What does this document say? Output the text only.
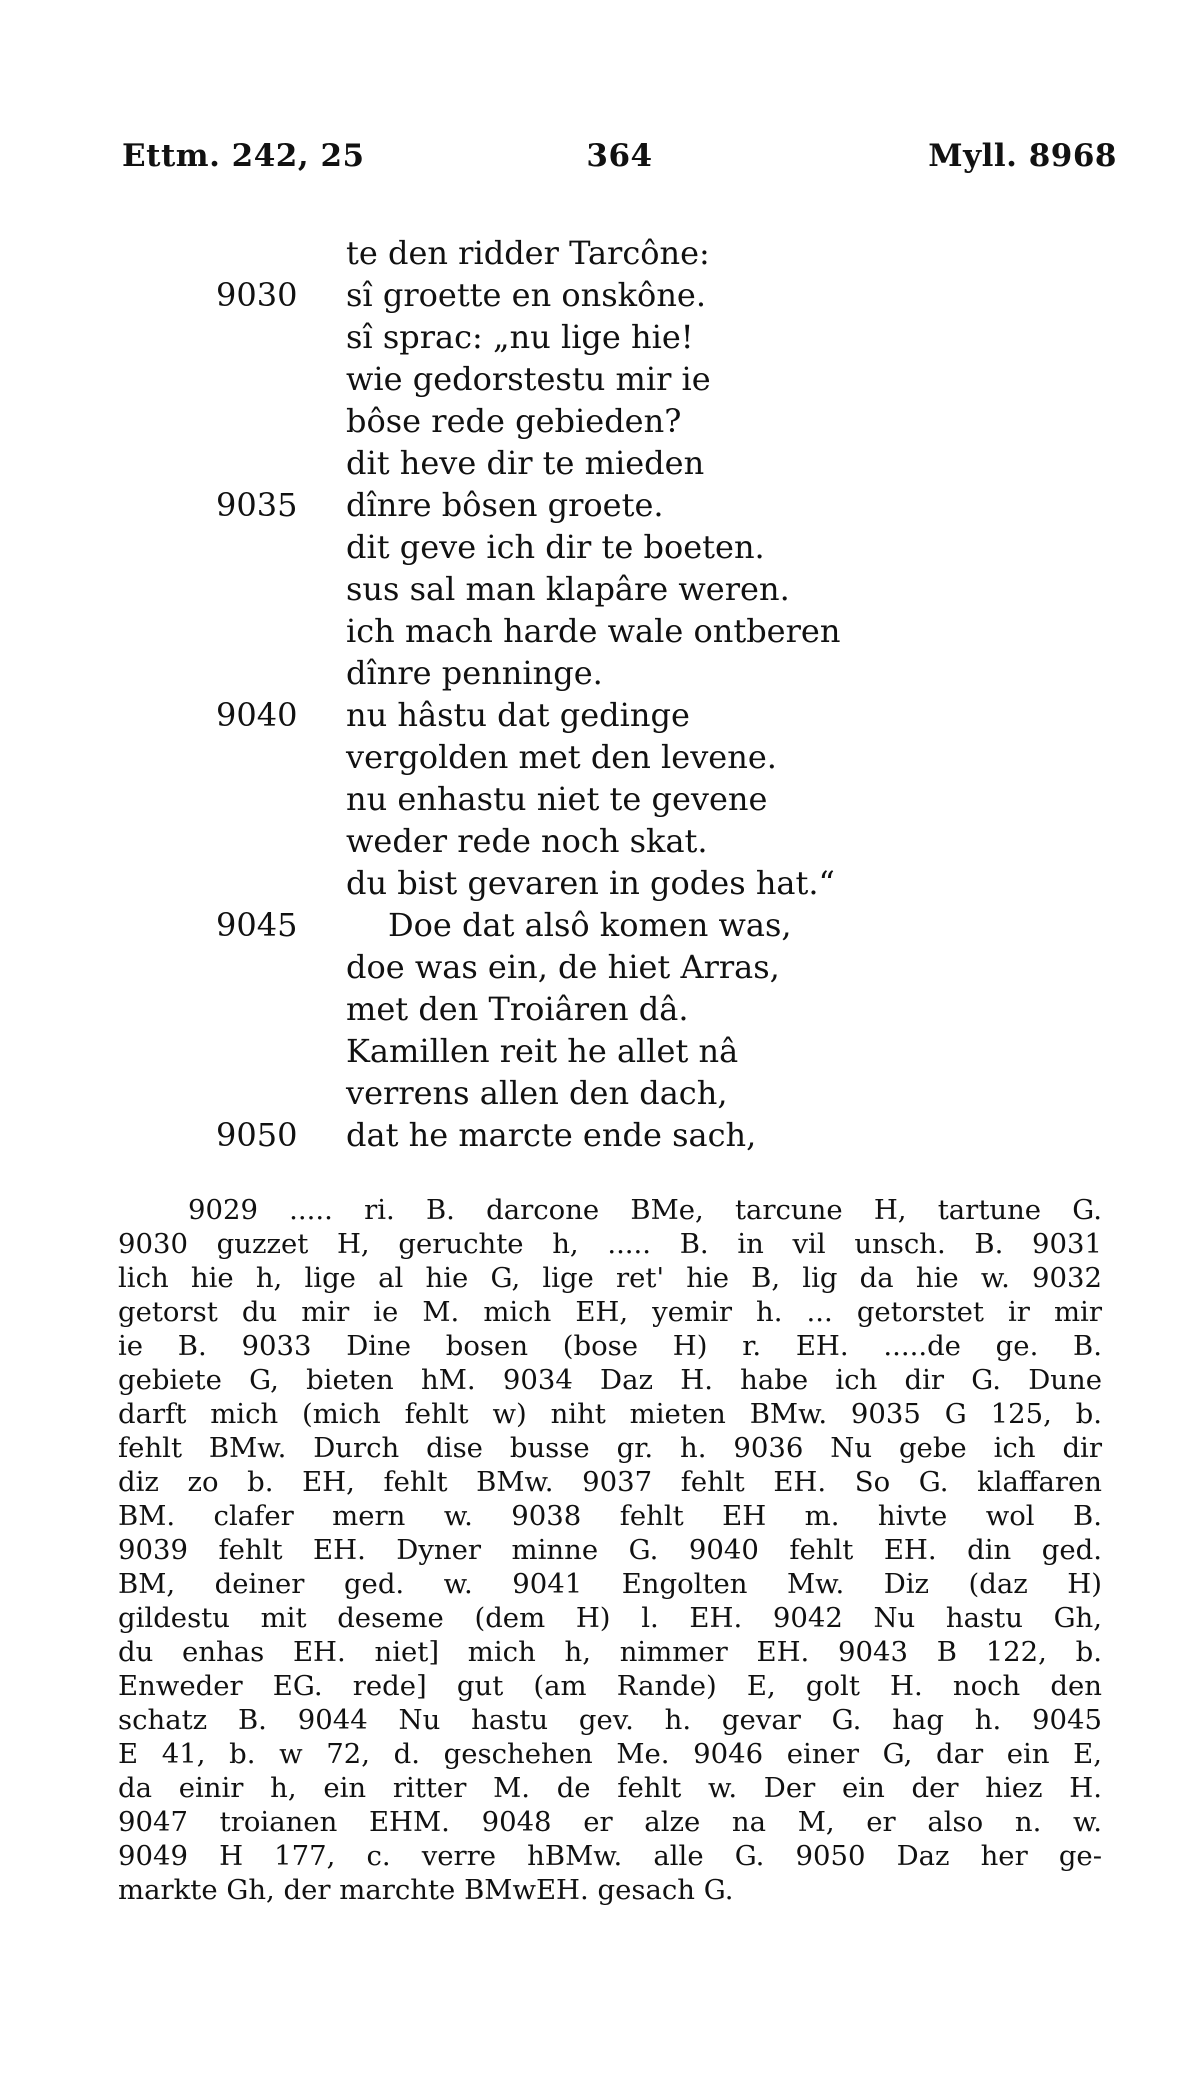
Ettm. 242, 25	364	Myll. 8968
te den ridder Tarcône:
9030 sî groette en onskône.
sî sprac: „nu lige hie!
wie gedorstestu mir ie
bôse rede gebieden?
dit heve dir te mieden
9035 dînre bôsen groete.
dit geve ich dir te boeten.
sus sal man klapâre weren.
ich mach harde wale ontberen
dînre penninge.
9040 nu hâstu dat gedinge
vergolden met den levene.
nu enhastu niet te gevene
weder rede noch skat.
du bist gevaren in godes hat.“
9045	Doe dat alsô komen was,
doe was ein, de hiet Arras,
met den Troiâren dâ.
Kamillen reit he allet nâ
verrens allen den dach,
9050 dat he marcte ende sach,
9029 ..... ri. B. darcone BMe, tarcune H, tartune G.
9030 guzzet H, geruchte h, ..... B. in vil unsch. B. 9031
lich hie h, lige al hie G, lige ret' hie B, lig da hie w. 9032
getorst du mir ie M. mich EH, yemir h. ... getorstet ir mir
ie B. 9033 Dine bosen (bose H) r. EH. .....de ge. B.
gebiete G, bieten hM. 9034 Daz H. habe ich dir G. Dune
darft mich (mich fehlt w) niht mieten BMw. 9035 G 125, b.
fehlt BMw. Durch dise busse gr. h. 9036 Nu gebe ich dir
diz zo b. EH, fehlt BMw. 9037 fehlt EH. So G. klaffaren
BM. clafer mern w. 9038 fehlt EH m. hivte wol B.
9039 fehlt EH. Dyner minne G. 9040 fehlt EH. din ged.
BM, deiner ged. w. 9041 Engolten Mw. Diz (daz H)
gildestu mit deseme (dem H) l. EH. 9042 Nu hastu Gh,
du enhas EH. niet] mich h, nimmer EH. 9043 B 122, b.
Enweder EG. rede] gut (am Rande) E, golt H. noch den
schatz B. 9044 Nu hastu gev. h. gevar G. hag h. 9045
E 41, b. w 72, d. geschehen Me. 9046 einer G, dar ein E,
da einir h, ein ritter M. de fehlt w. Der ein der hiez H.
9047 troianen EHM. 9048 er alze na M, er also n. w.
9049 H 177, c. verre hBMw. alle G. 9050 Daz her ge-
markte Gh, der marchte BMwEH. gesach G.
